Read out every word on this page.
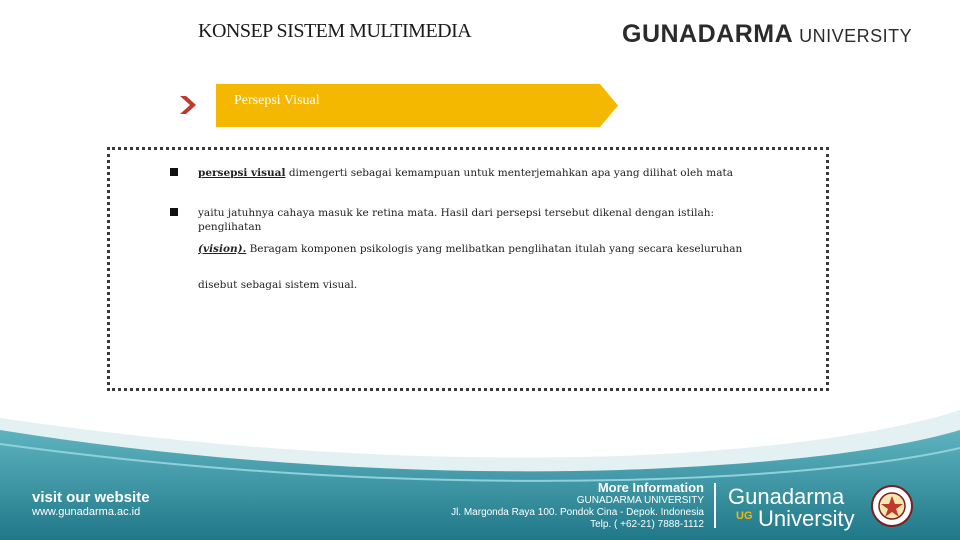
KONSEP SISTEM MULTIMEDIA	GUNADARMA UNIVERSITY
Persepsi Visual
persepsi visual dimengerti sebagai kemampuan untuk menterjemahkan apa yang dilihat oleh mata
yaitu jatuhnya cahaya masuk ke retina mata. Hasil dari persepsi tersebut dikenal dengan istilah: penglihatan
(vision). Beragam komponen psikologis yang melibatkan penglihatan itulah yang secara keseluruhan
disebut sebagai sistem visual.
visit our website
www.gunadarma.ac.id
More Information
GUNADARMA UNIVERSITY
Jl. Margonda Raya 100. Pondok Cina - Depok. Indonesia
Telp. ( +62-21) 7888-1112
Gunadarma
University
UG
